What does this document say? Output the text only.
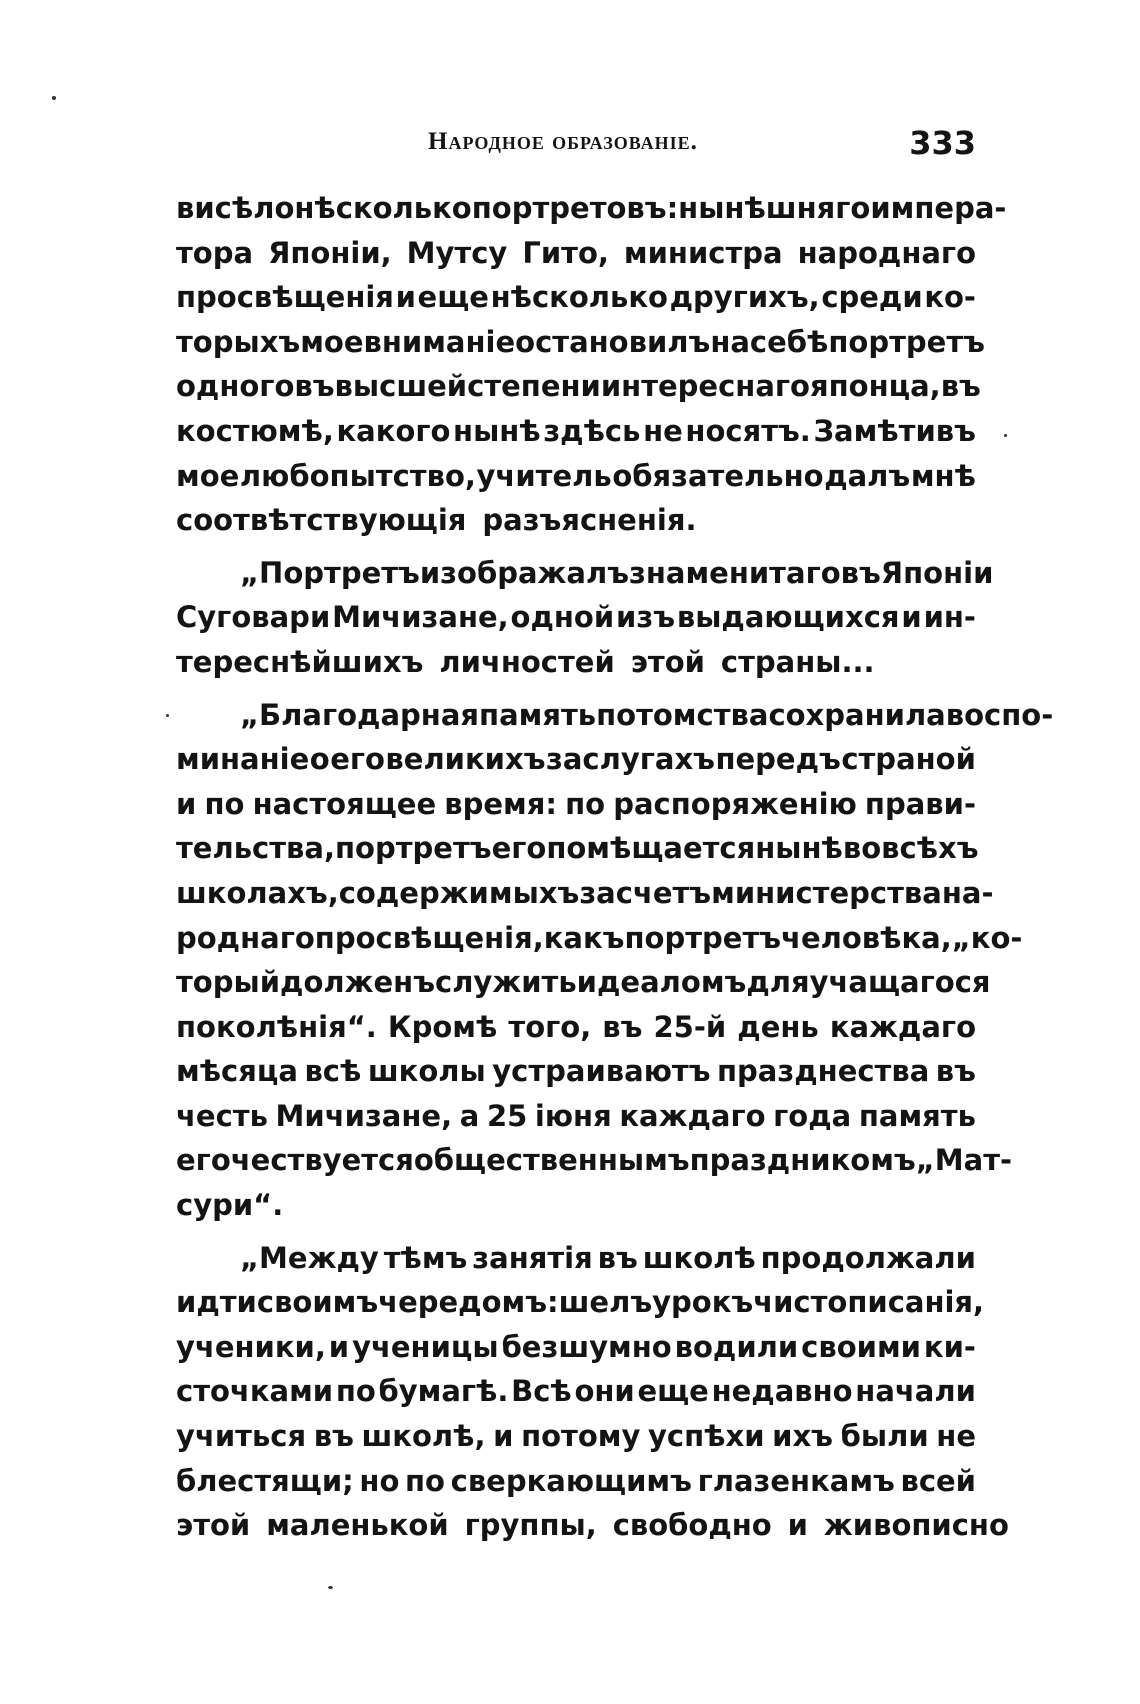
Народное образованіе.	333
висѣло нѣсколько портретовъ: нынѣшняго импера-
тора Японіи, Мутсу Гито, министра народнаго
просвѣщенія и еще нѣсколько другихъ, среди ко-
торыхъ мое вниманіе остановилъ на себѣ портретъ
одного въ высшей степени интереснаго японца, въ
костюмѣ, какого нынѣ здѣсь не носятъ. Замѣтивъ
мое любопытство, учитель обязательно далъ мнѣ
соотвѣтствующія разъясненія.
„Портретъ изображалъ знаменитаго въ Японіи
Суговари Мичизане, одной изъ выдающихся и ин-
тереснѣйшихъ личностей этой страны...
„Благодарная память потомства сохранила воспо-
минаніе о его великихъ заслугахъ передъ страной
и по настоящее время: по распоряженію прави-
тельства, портретъ его помѣщается нынѣ во всѣхъ
школахъ, содержимыхъ за счетъ министерства на-
роднаго просвѣщенія, какъ портретъ человѣка, „ко-
торый долженъ служить идеаломъ для учащагося
поколѣнія“. Кромѣ того, въ 25-й день каждаго
мѣсяца всѣ школы устраиваютъ празднества въ
честь Мичизане, а 25 іюня каждаго года память
его чествуется общественнымъ праздникомъ „Мат-
сури“.
„Между тѣмъ занятія въ школѣ продолжали
идти своимъ чередомъ: шелъ урокъ чистописанія,
ученики, и ученицы безшумно водили своими ки-
сточками по бумагѣ. Всѣ они еще недавно начали
учиться въ школѣ, и потому успѣхи ихъ были не
блестящи; но по сверкающимъ глазенкамъ всей
этой маленькой группы, свободно и живописно
